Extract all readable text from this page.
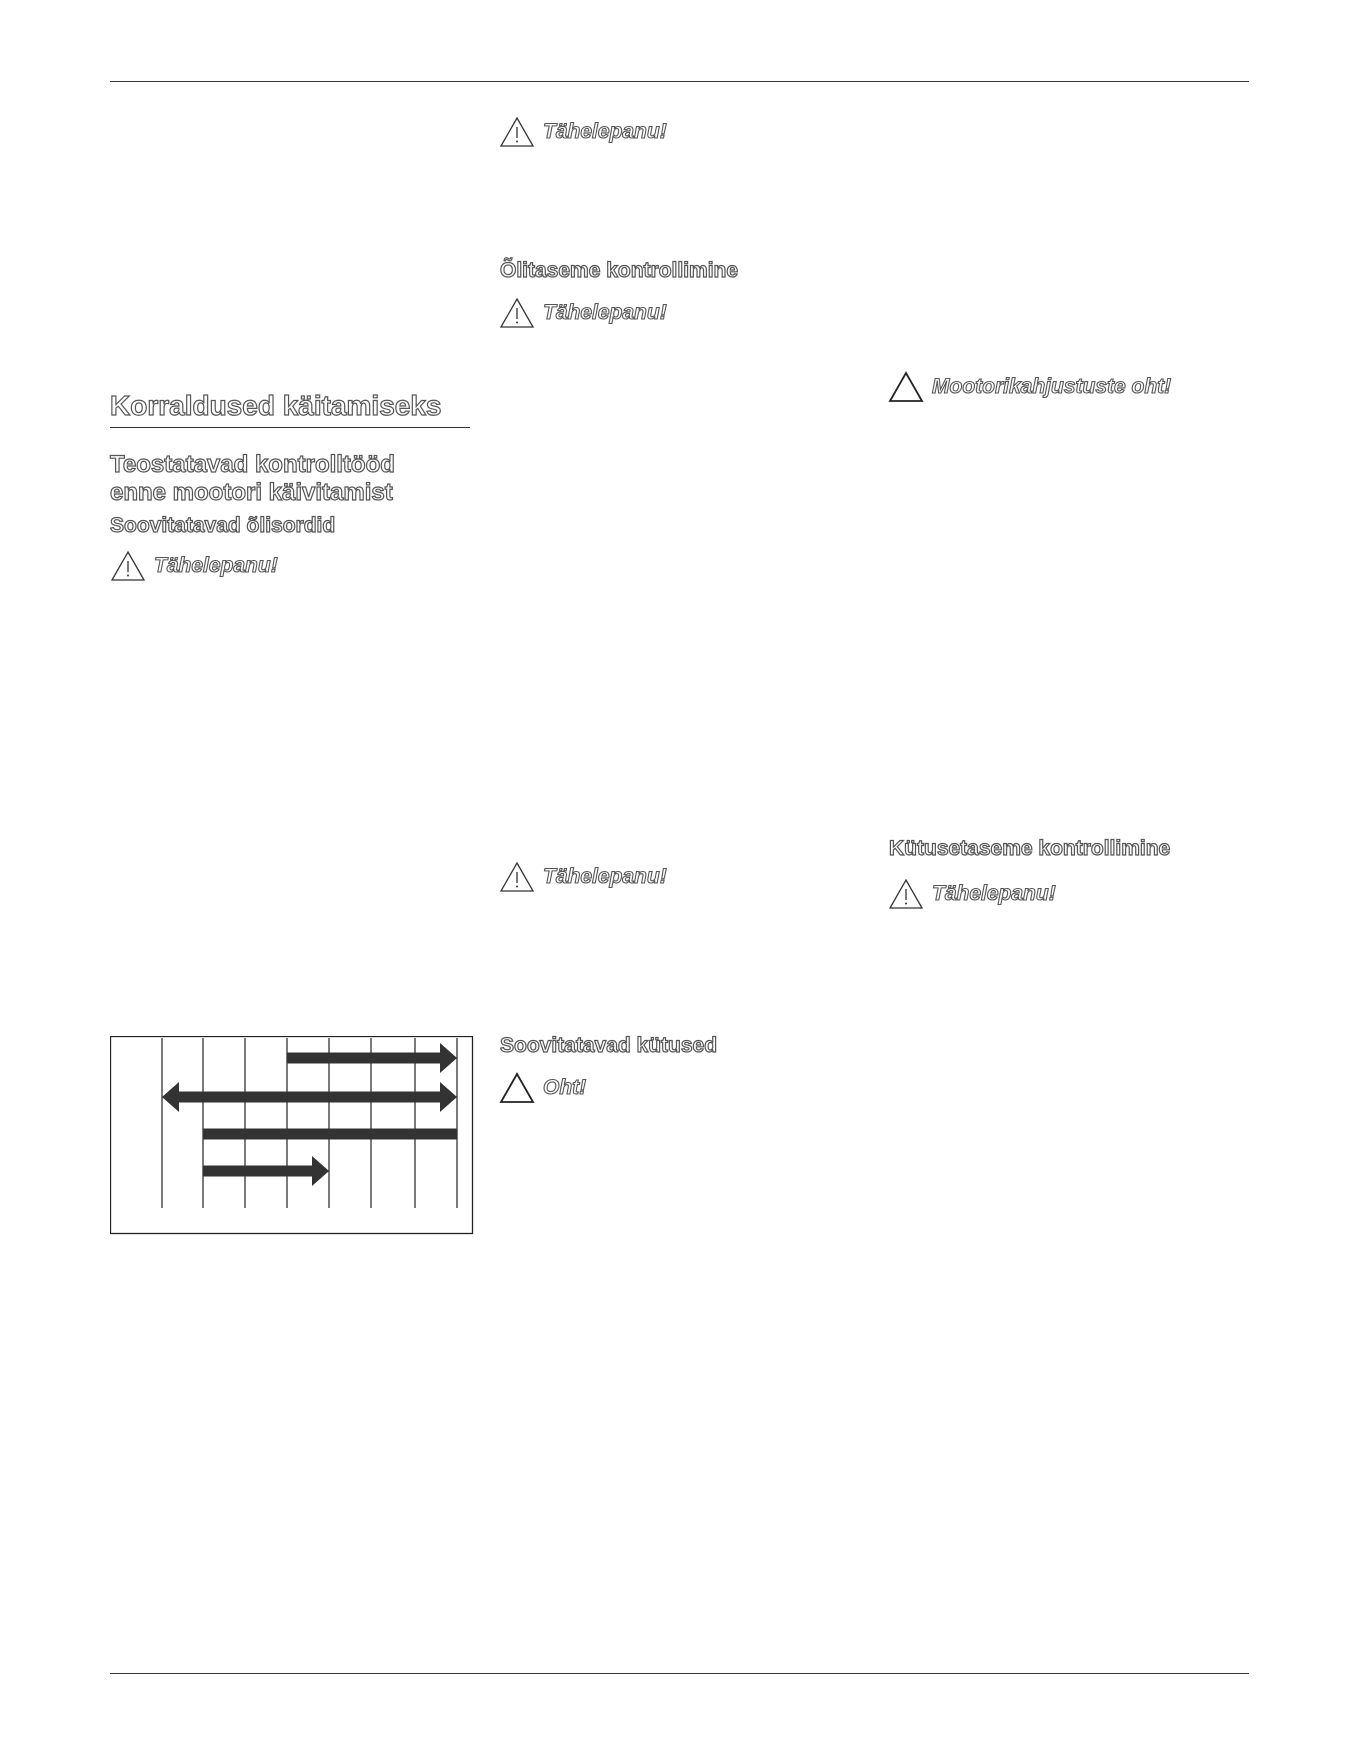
Korraldused käitamiseks
Teostatavad kontrolltööd
enne mootori käivitamist
Soovitatavad õlisordid
Tähelepanu!
Tähelepanu!
Õlitaseme kontrollimine
Tähelepanu!
Tähelepanu!
Soovitatavad kütused
Oht!
Mootorikahjustuste oht!
Kütusetaseme kontrollimine
Tähelepanu!
